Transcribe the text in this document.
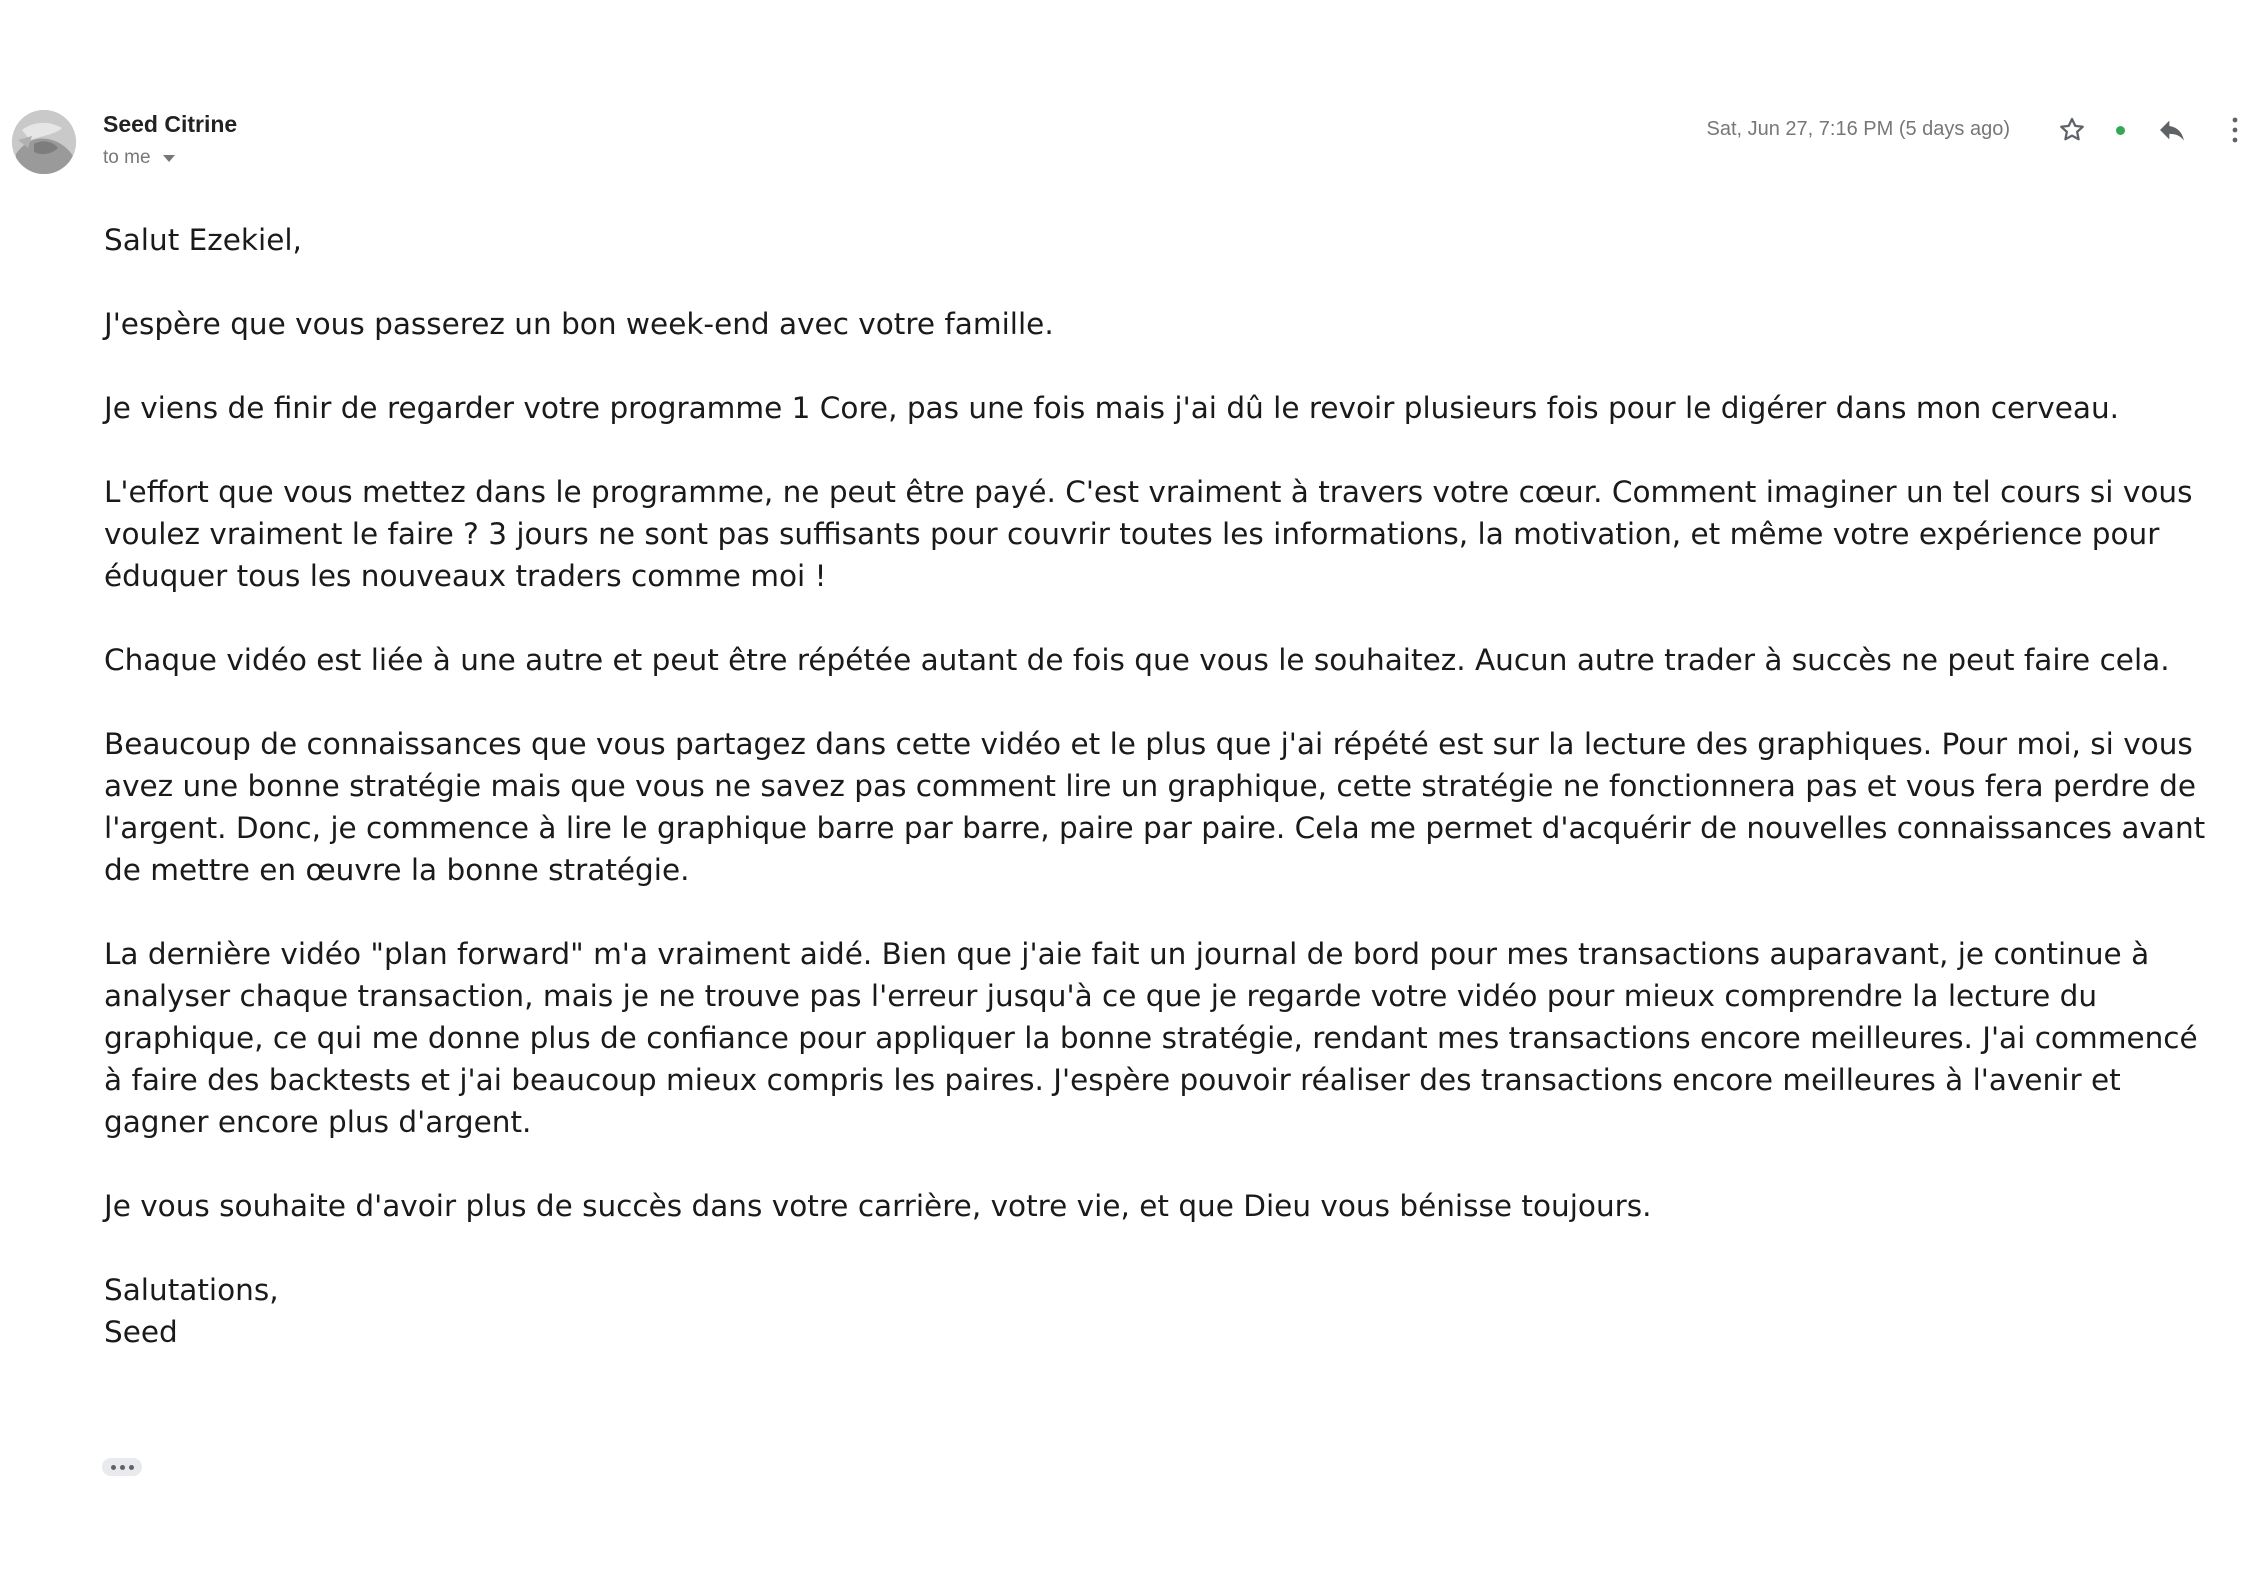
Seed Citrine
to me
Sat, Jun 27, 7:16 PM (5 days ago)

Salut Ezekiel,

J'espère que vous passerez un bon week-end avec votre famille.

Je viens de finir de regarder votre programme 1 Core, pas une fois mais j'ai dû le revoir plusieurs fois pour le digérer dans mon cerveau.

L'effort que vous mettez dans le programme, ne peut être payé. C'est vraiment à travers votre cœur. Comment imaginer un tel cours si vous voulez vraiment le faire ? 3 jours ne sont pas suffisants pour couvrir toutes les informations, la motivation, et même votre expérience pour éduquer tous les nouveaux traders comme moi !

Chaque vidéo est liée à une autre et peut être répétée autant de fois que vous le souhaitez. Aucun autre trader à succès ne peut faire cela.

Beaucoup de connaissances que vous partagez dans cette vidéo et le plus que j'ai répété est sur la lecture des graphiques. Pour moi, si vous avez une bonne stratégie mais que vous ne savez pas comment lire un graphique, cette stratégie ne fonctionnera pas et vous fera perdre de l'argent. Donc, je commence à lire le graphique barre par barre, paire par paire. Cela me permet d'acquérir de nouvelles connaissances avant de mettre en œuvre la bonne stratégie.

La dernière vidéo "plan forward" m'a vraiment aidé. Bien que j'aie fait un journal de bord pour mes transactions auparavant, je continue à analyser chaque transaction, mais je ne trouve pas l'erreur jusqu'à ce que je regarde votre vidéo pour mieux comprendre la lecture du graphique, ce qui me donne plus de confiance pour appliquer la bonne stratégie, rendant mes transactions encore meilleures. J'ai commencé à faire des backtests et j'ai beaucoup mieux compris les paires. J'espère pouvoir réaliser des transactions encore meilleures à l'avenir et gagner encore plus d'argent.

Je vous souhaite d'avoir plus de succès dans votre carrière, votre vie, et que Dieu vous bénisse toujours.

Salutations,

Seed
